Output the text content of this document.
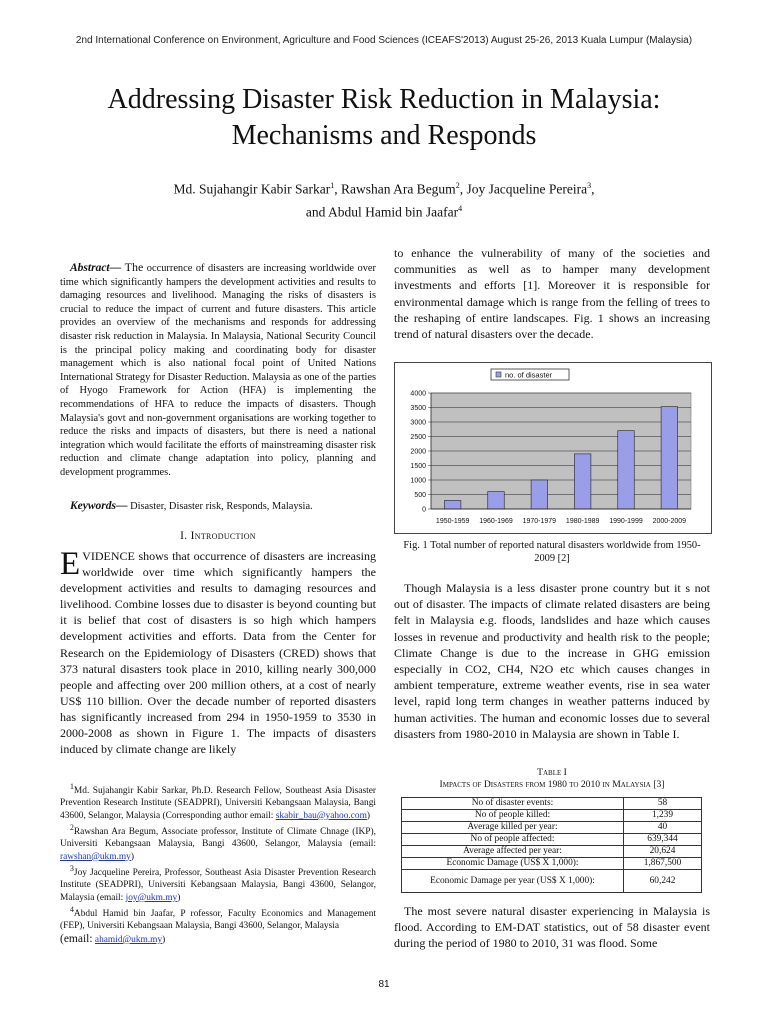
2nd International Conference on Environment, Agriculture and Food Sciences (ICEAFS'2013) August 25-26, 2013 Kuala Lumpur (Malaysia)
Addressing Disaster Risk Reduction in Malaysia: Mechanisms and Responds
Md. Sujahangir Kabir Sarkar$^1$, Rawshan Ara Begum$^2$, Joy Jacqueline Pereira$^3$,
and Abdul Hamid bin Jaafar$^4$
Abstract— The occurrence of disasters are increasing worldwide over time which significantly hampers the development activities and results to damaging resources and livelihood. Managing the risks of disasters is crucial to reduce the impact of current and future disasters. This article provides an overview of the mechanisms and responds for addressing disaster risk reduction in Malaysia. In Malaysia, National Security Council is the principal policy making and coordinating body for disaster management which is also national focal point of United Nations International Strategy for Disaster Reduction. Malaysia as one of the parties of Hyogo Framework for Action (HFA) is implementing the recommendations of HFA to reduce the impacts of disasters. Though Malaysia's govt and non-government organisations are working together to reduce the risks and impacts of disasters, but there is need a national integration which would facilitate the efforts of mainstreaming disaster risk reduction and climate change adaptation into policy, planning and development programmes.
Keywords— Disaster, Disaster risk, Responds, Malaysia.
I. Introduction
EVIDENCE shows that occurrence of disasters are increasing worldwide over time which significantly hampers the development activities and results to damaging resources and livelihood. Combine losses due to disaster is beyond counting but it is belief that cost of disasters is so high which hampers development activities and efforts. Data from the Center for Research on the Epidemiology of Disasters (CRED) shows that 373 natural disasters took place in 2010, killing nearly 300,000 people and affecting over 200 million others, at a cost of nearly US$ 110 billion. Over the decade number of reported disasters has significantly increased from 294 in 1950-1959 to 3530 in 2000-2008 as shown in Figure 1. The impacts of disasters induced by climate change are likely

$^1$Md. Sujahangir Kabir Sarkar, Ph.D. Research Fellow, Southeast Asia Disaster Prevention Research Institute (SEADPRI), Universiti Kebangsaan Malaysia, Bangi 43600, Selangor, Malaysia (Corresponding author email: skabir_bau@yahoo.com)

$^2$Rawshan Ara Begum, Associate professor, Institute of Climate Chnage (IKP), Universiti Kebangsaan Malaysia, Bangi 43600, Selangor, Malaysia (email: rawshan@ukm.my)

$^3$Joy Jacqueline Pereira, Professor, Southeast Asia Disaster Prevention Research Institute (SEADPRI), Universiti Kebangsaan Malaysia, Bangi 43600, Selangor, Malaysia (email: joy@ukm.my)

$^4$Abdul Hamid bin Jaafar, P rofessor, Faculty Economics and Management (FEP), Universiti Kebangsaan Malaysia, Bangi 43600, Selangor, Malaysia

(email: ahamid@ukm.my)

to enhance the vulnerability of many of the societies and communities as well as to hamper many development investments and efforts [1]. Moreover it is responsible for environmental damage which is range from the felling of trees to the reshaping of entire landscapes. Fig. 1 shows an increasing trend of natural disasters over the decade.
no. of disaster
0
500
1000
1500
2000
2500
3000
3500
4000
1950-1959 1960-1969 1970-1979 1980-1989 1990-1999 2000-2009
Fig. 1 Total number of reported natural disasters worldwide from 1950-2009 [2]
Though Malaysia is a less disaster prone country but it s not out of disaster. The impacts of climate related disasters are being felt in Malaysia e.g. floods, landslides and haze which causes losses in revenue and productivity and health risk to the people; Climate Change is due to the increase in GHG emission especially in CO2, CH4, N2O etc which causes changes in ambient temperature, extreme weather events, rise in sea water level, rapid long term changes in weather patterns induced by human activities. The human and economic losses due to several disasters from 1980-2010 in Malaysia are shown in Table I.
Table I
Impacts of Disasters from 1980 to 2010 in Malaysia [3]
No of disaster events:	58
No of people killed:	1,239
Average killed per year:	40
No of people affected:	639,344
Average affected per year:	20,624
Economic Damage (US$ X 1,000):	1,867,500
Economic Damage per year (US$ X 1,000):	60,242
The most severe natural disaster experiencing in Malaysia is flood. According to EM-DAT statistics, out of 58 disaster event during the period of 1980 to 2010, 31 was flood. Some
81
